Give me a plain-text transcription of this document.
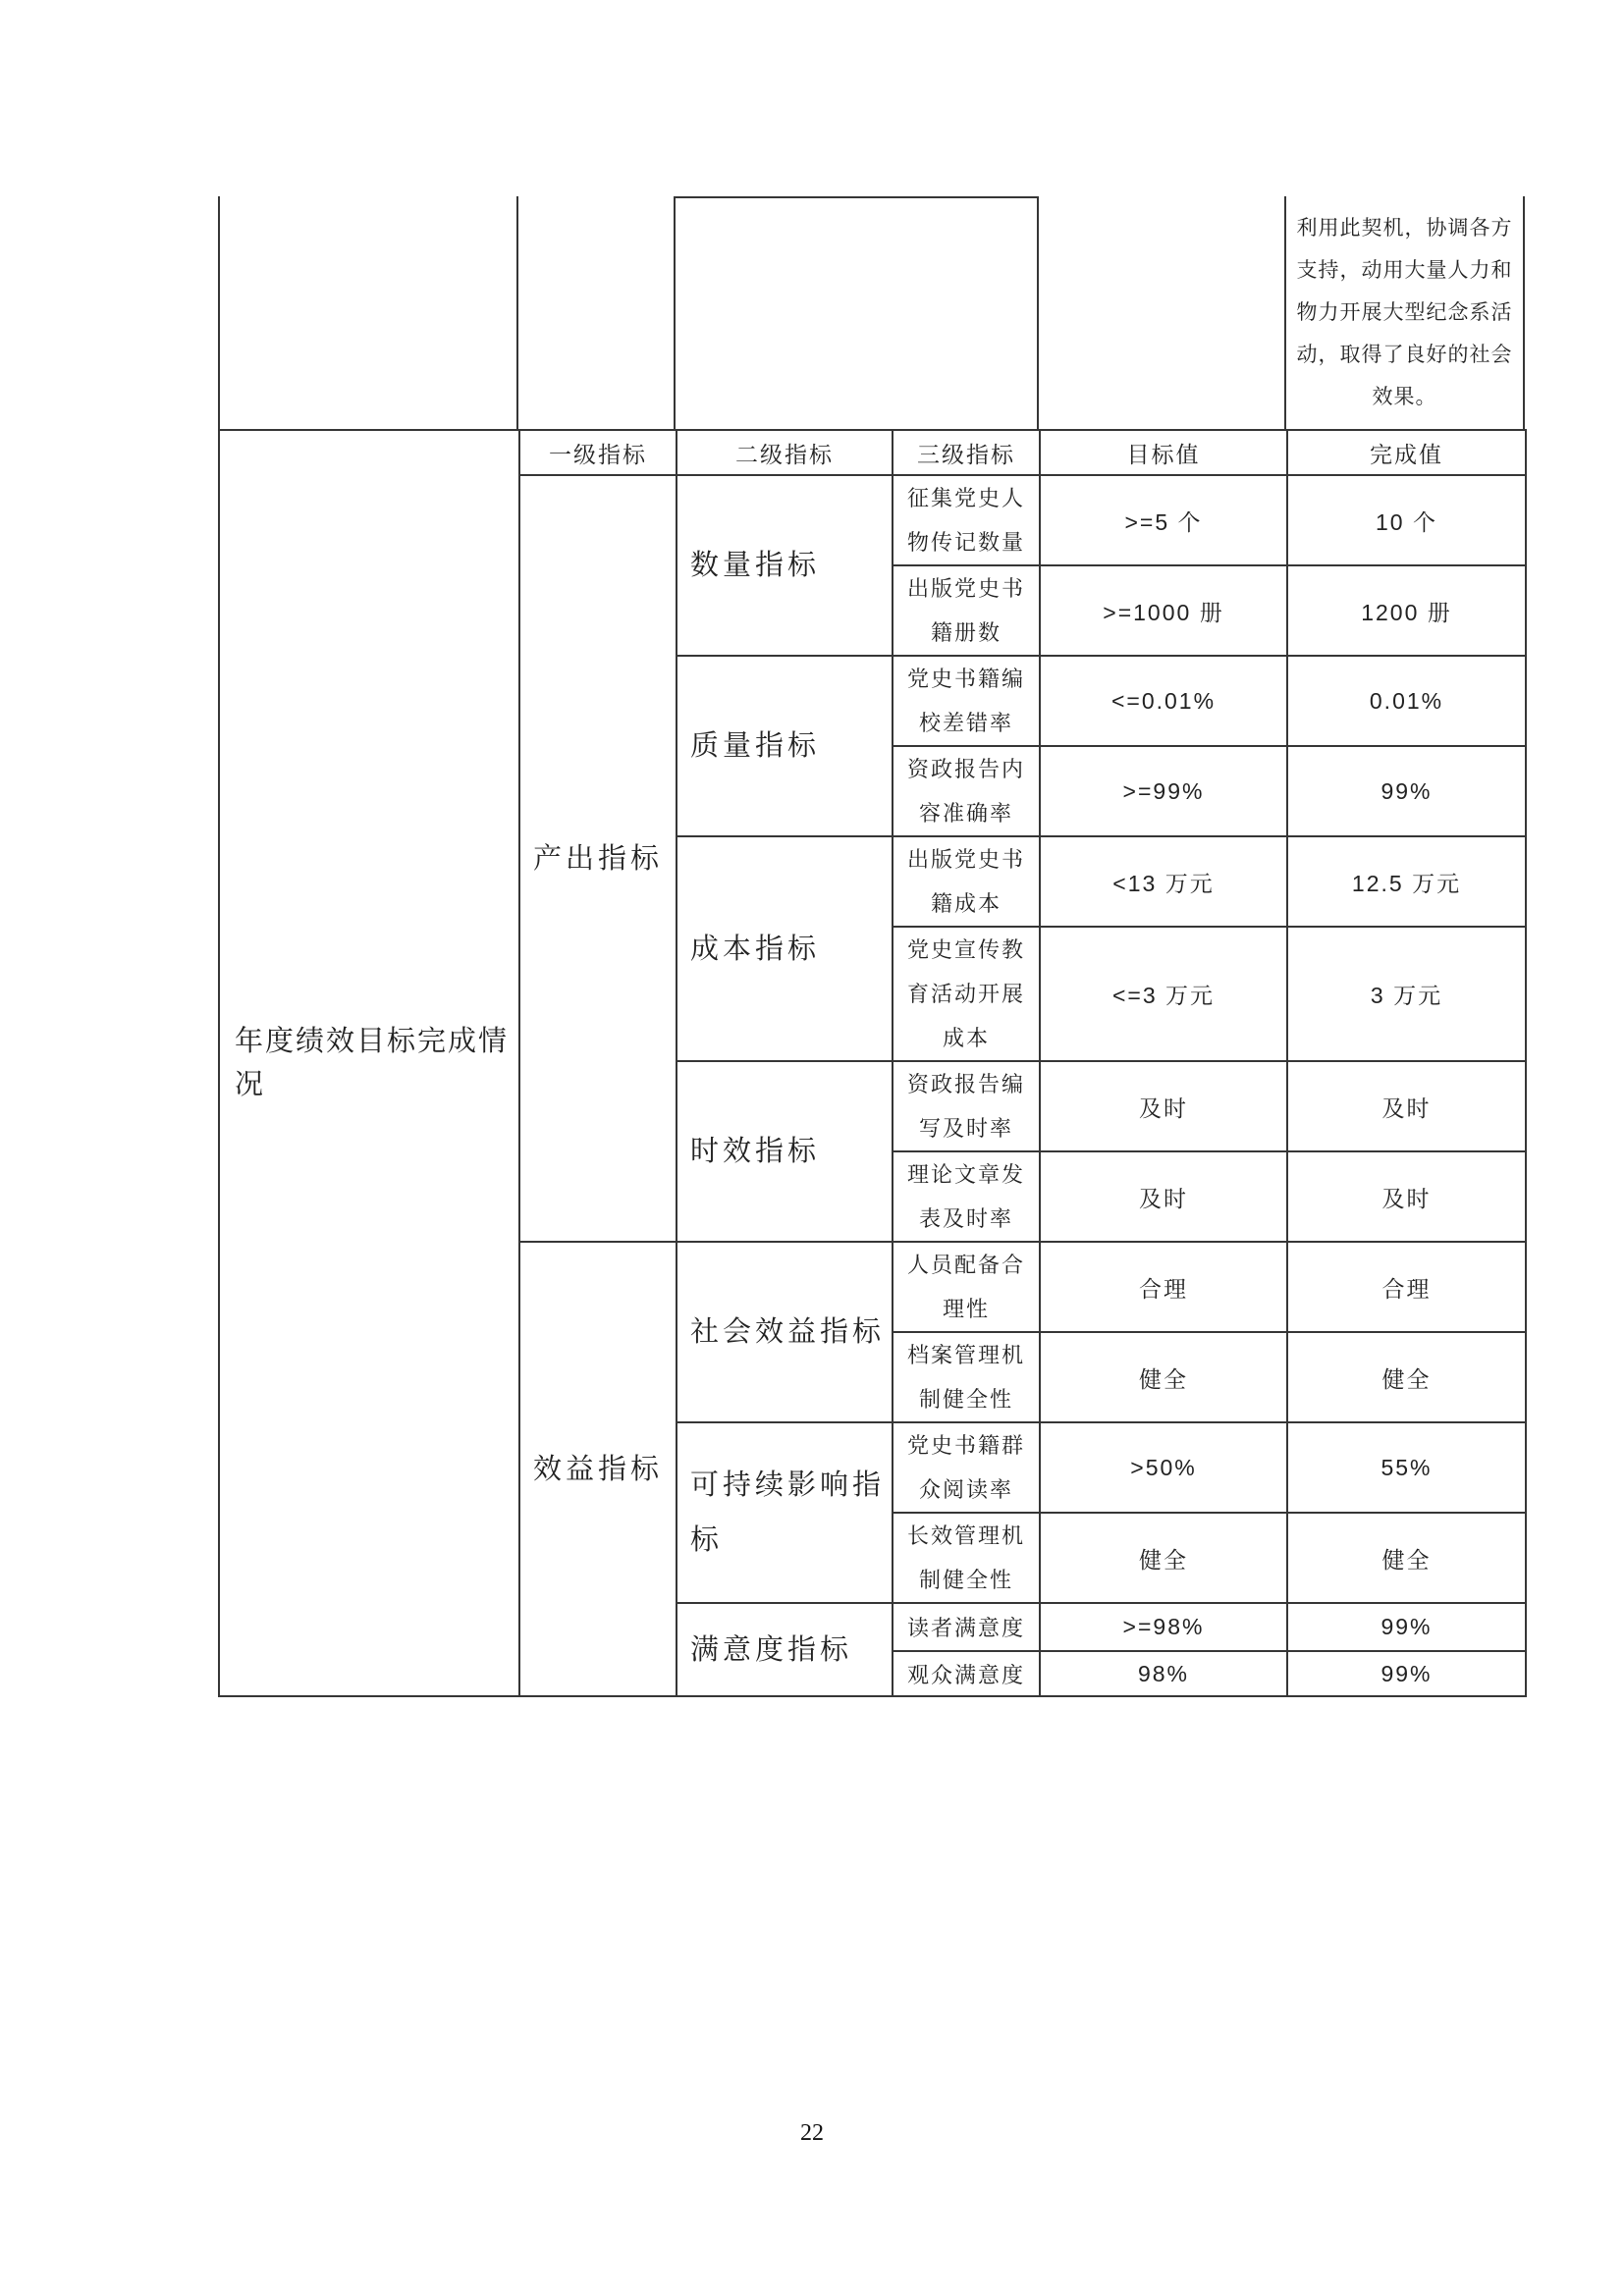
利用此契机，协调各方支持，动用大量人力和物力开展大型纪念系活动，取得了良好的社会效果。
年度绩效目标完成情况	一级指标	二级指标	三级指标	目标值	完成值
	产出指标	数量指标	征集党史人物传记数量	>=5 个	10 个
			出版党史书籍册数	>=1000 册	1200 册
		质量指标	党史书籍编校差错率	<=0.01%	0.01%
			资政报告内容准确率	>=99%	99%
		成本指标	出版党史书籍成本	<13 万元	12.5 万元
			党史宣传教育活动开展成本	<=3 万元	3 万元
		时效指标	资政报告编写及时率	及时	及时
			理论文章发表及时率	及时	及时
	效益指标	社会效益指标	人员配备合理性	合理	合理
			档案管理机制健全性	健全	健全
		可持续影响指标	党史书籍群众阅读率	>50%	55%
			长效管理机制健全性	健全	健全
		满意度指标	读者满意度	>=98%	99%
			观众满意度	98%	99%
22
